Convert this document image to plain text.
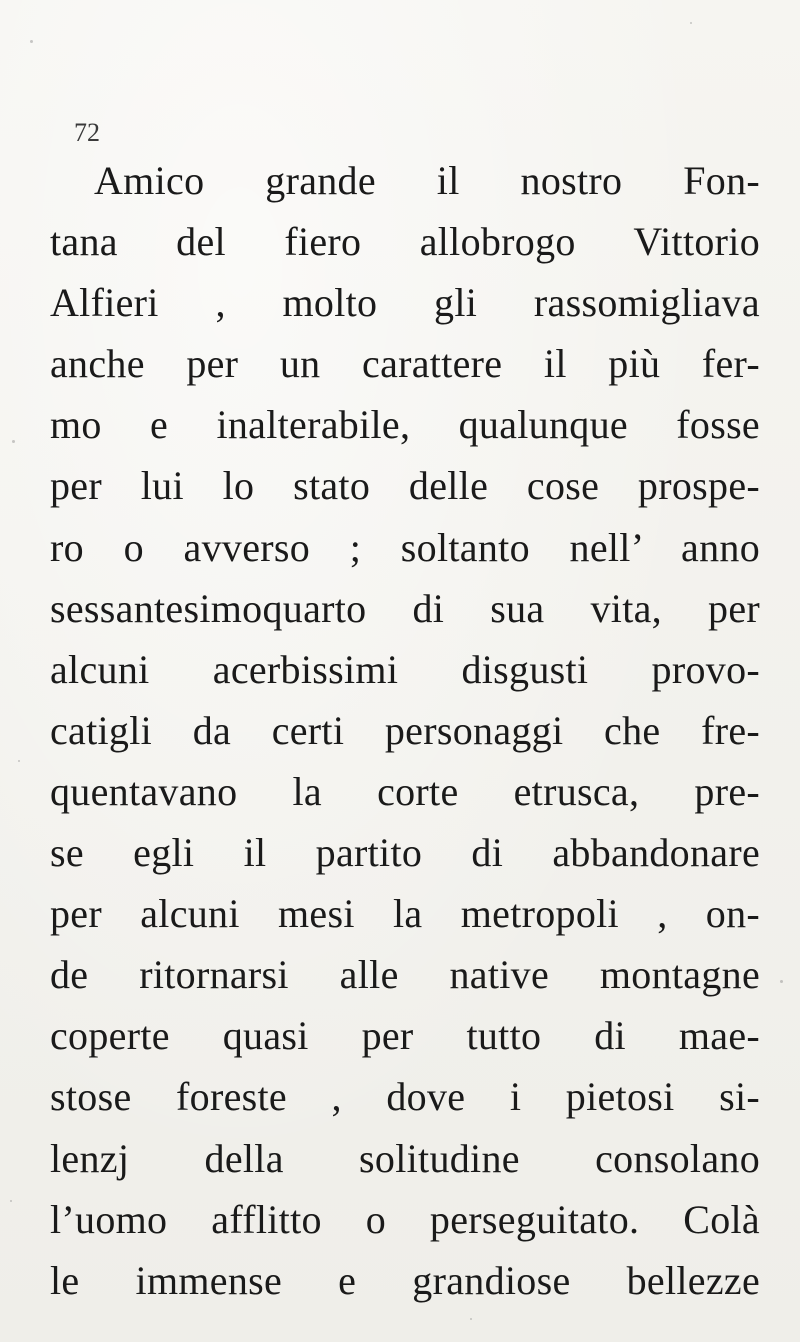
72
Amico grande il nostro Fon-
tana del fiero allobrogo Vittorio
Alfieri , molto gli rassomigliava
anche per un carattere il più fer-
mo e inalterabile, qualunque fosse
per lui lo stato delle cose prospe-
ro o avverso ; soltanto nell’ anno
sessantesimoquarto di sua vita, per
alcuni acerbissimi disgusti provo-
catigli da certi personaggi che fre-
quentavano la corte etrusca, pre-
se egli il partito di abbandonare
per alcuni mesi la metropoli , on-
de ritornarsi alle native montagne
coperte quasi per tutto di mae-
stose foreste , dove i pietosi si-
lenzj della solitudine consolano
l’uomo afflitto o perseguitato. Colà
le immense e grandiose bellezze
